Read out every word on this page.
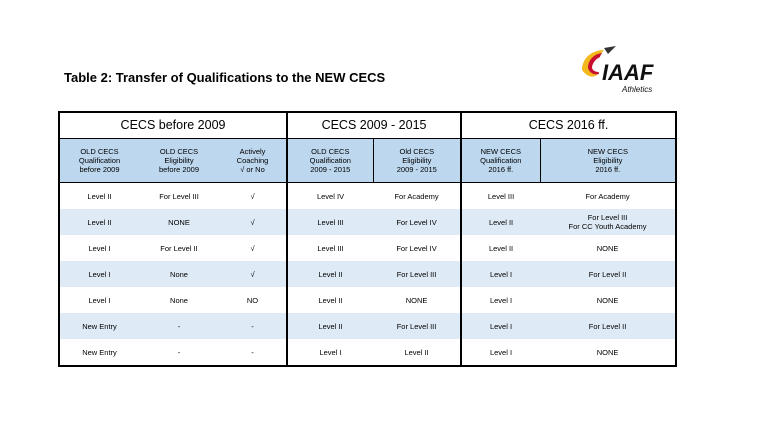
Table 2: Transfer of Qualifications to the NEW CECS	IAAF
Athletics
CECS before 2009			CECS 2009 - 2015		CECS 2016 ff.	
OLD CECS
Qualification
before 2009	OLD CECS
Eligibility
before 2009	Actively
Coaching
√ or No	OLD CECS
Qualification
2009 - 2015	Old CECS
Eligibility
2009 - 2015	NEW CECS
Qualification
2016 ff.	NEW CECS
Eligibility
2016 ff.
Level II	For Level III	√	Level IV	For Academy	Level III	For Academy
Level II	NONE	√	Level III	For Level IV	Level II	For Level III
For CC Youth Academy
Level I	For Level II	√	Level III	For Level IV	Level II	NONE
Level I	None	√	Level II	For Level III	Level I	For Level II
Level I	None	NO	Level II	NONE	Level I	NONE
New Entry	-	-	Level II	For Level III	Level I	For Level II
New Entry	-	-	Level I	Level II	Level I	NONE
